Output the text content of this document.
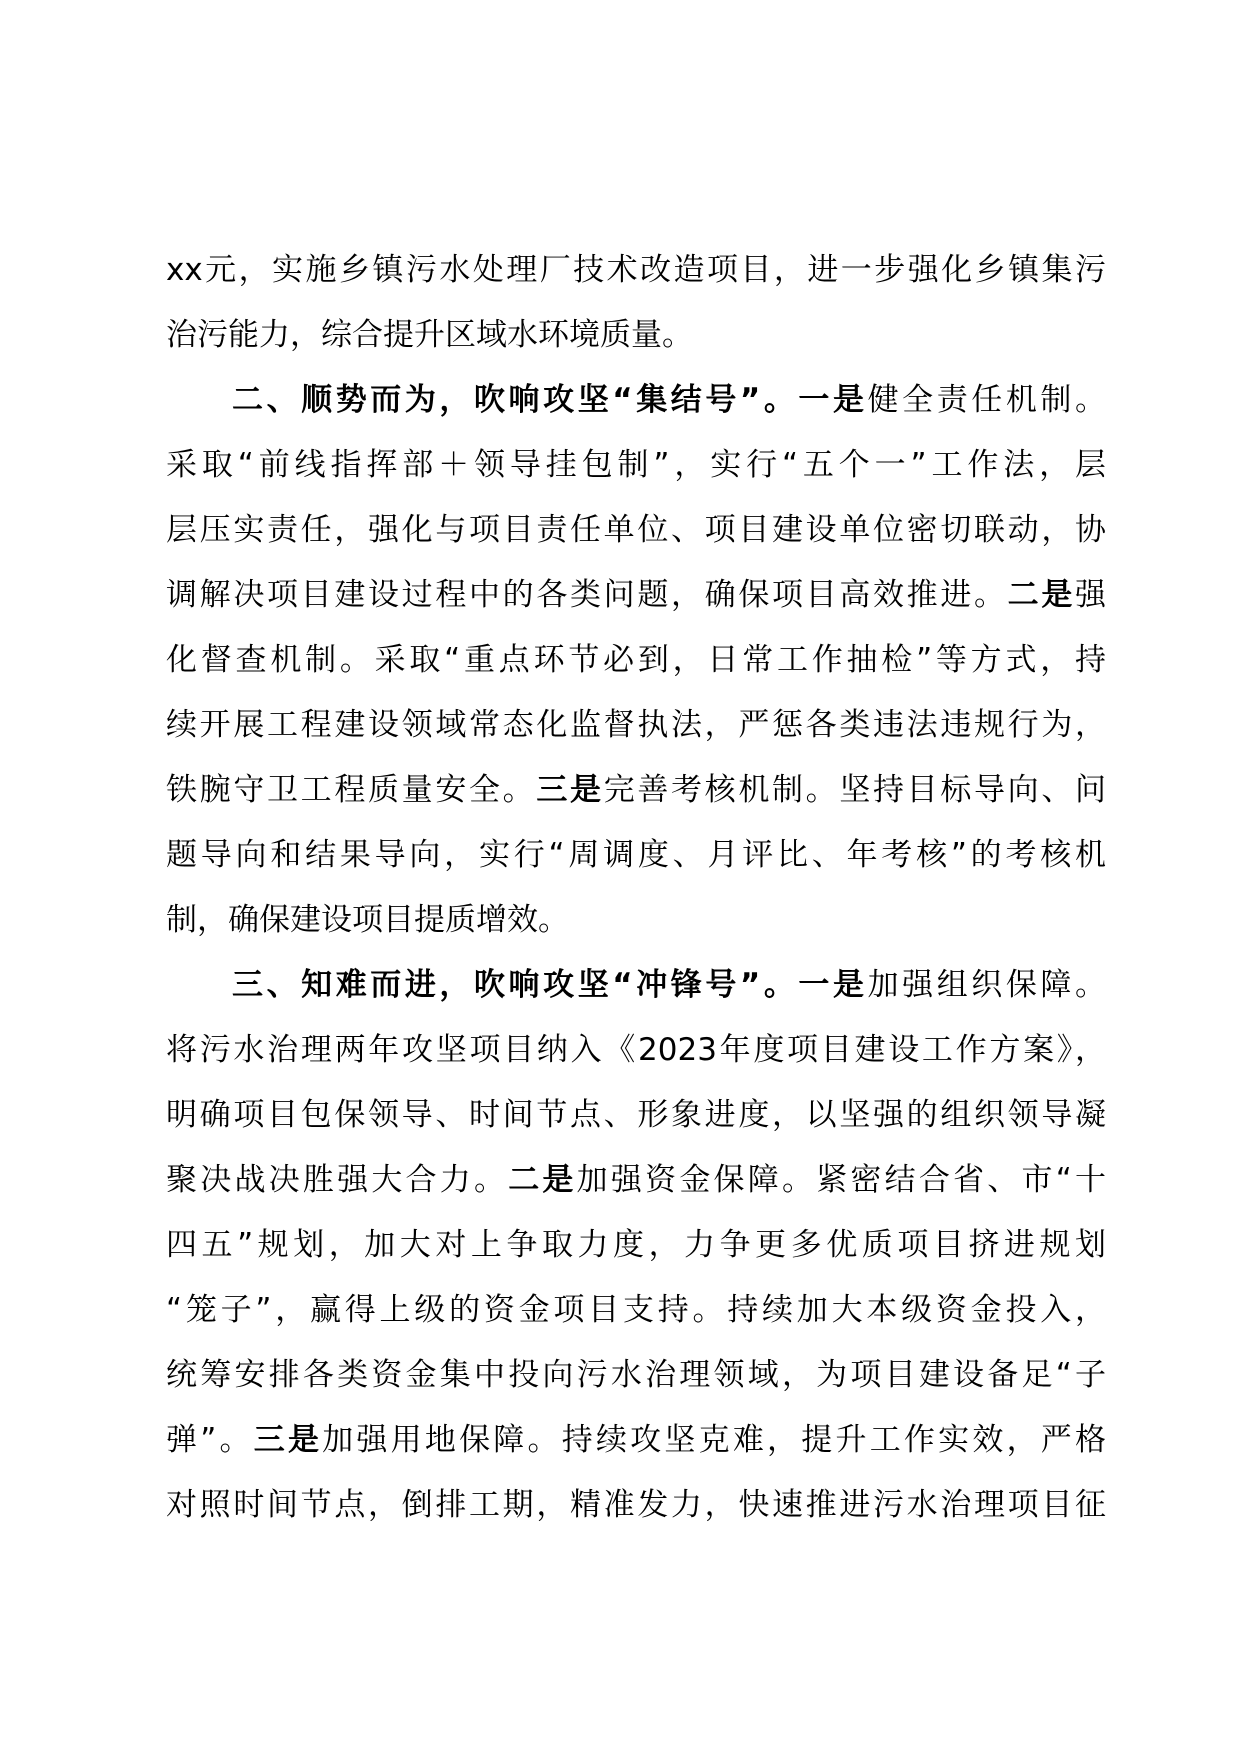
xx元，实施乡镇污水处理厂技术改造项目，进一步强化乡镇集污
治污能力，综合提升区域水环境质量。
二、顺势而为，吹响攻坚“集结号”。一是健全责任机制。
采取“前线指挥部＋领导挂包制”，实行“五个一”工作法，层
层压实责任，强化与项目责任单位、项目建设单位密切联动，协
调解决项目建设过程中的各类问题，确保项目高效推进。二是强
化督查机制。采取“重点环节必到，日常工作抽检”等方式，持
续开展工程建设领域常态化监督执法，严惩各类违法违规行为，
铁腕守卫工程质量安全。三是完善考核机制。坚持目标导向、问
题导向和结果导向，实行“周调度、月评比、年考核”的考核机
制，确保建设项目提质增效。
三、知难而进，吹响攻坚“冲锋号”。一是加强组织保障。
将污水治理两年攻坚项目纳入《2023年度项目建设工作方案》，
明确项目包保领导、时间节点、形象进度，以坚强的组织领导凝
聚决战决胜强大合力。二是加强资金保障。紧密结合省、市“十
四五”规划，加大对上争取力度，力争更多优质项目挤进规划
“笼子”，赢得上级的资金项目支持。持续加大本级资金投入，
统筹安排各类资金集中投向污水治理领域，为项目建设备足“子
弹”。三是加强用地保障。持续攻坚克难，提升工作实效，严格
对照时间节点，倒排工期，精准发力，快速推进污水治理项目征
